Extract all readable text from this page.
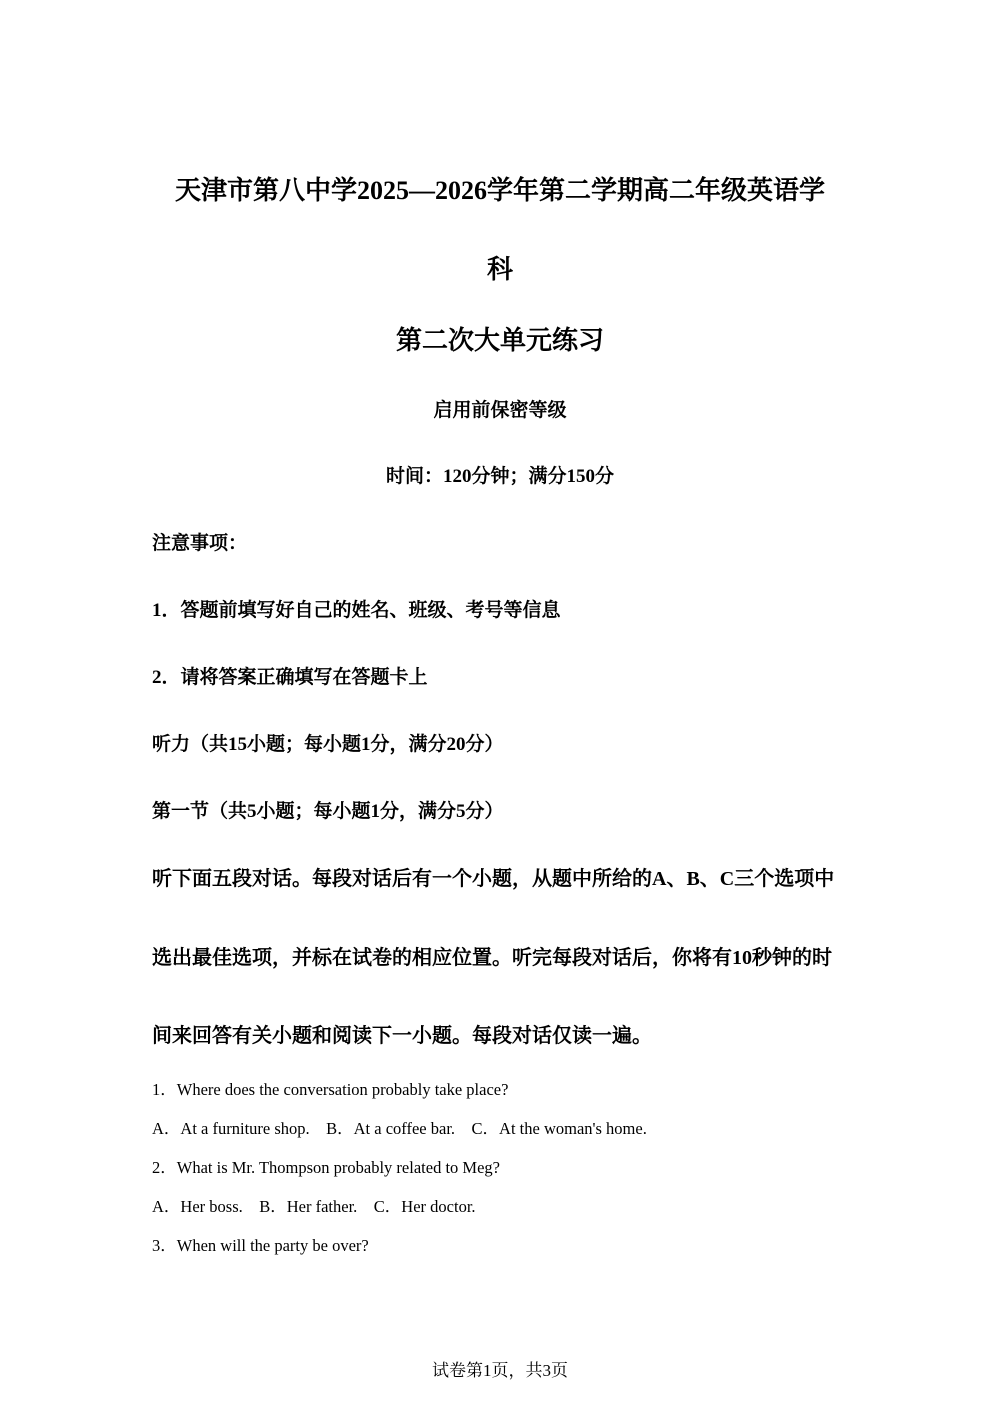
天津市第八中学2025—2026学年第二学期高二年级英语学
科
第二次大单元练习
启用前保密等级
时间：120分钟；满分150分
注意事项：
1．答题前填写好自己的姓名、班级、考号等信息
2．请将答案正确填写在答题卡上
听力（共15小题；每小题1分，满分20分）
第一节（共5小题；每小题1分，满分5分）
听下面五段对话。每段对话后有一个小题，从题中所给的A、B、C三个选项中
选出最佳选项，并标在试卷的相应位置。听完每段对话后，你将有10秒钟的时
间来回答有关小题和阅读下一小题。每段对话仅读一遍。
1．Where does the conversation probably take place?
A．At a furniture shop.    B．At a coffee bar.    C．At the woman's home.
2．What is Mr. Thompson probably related to Meg?
A．Her boss.    B．Her father.    C．Her doctor.
3．When will the party be over?
试卷第1页，共3页
